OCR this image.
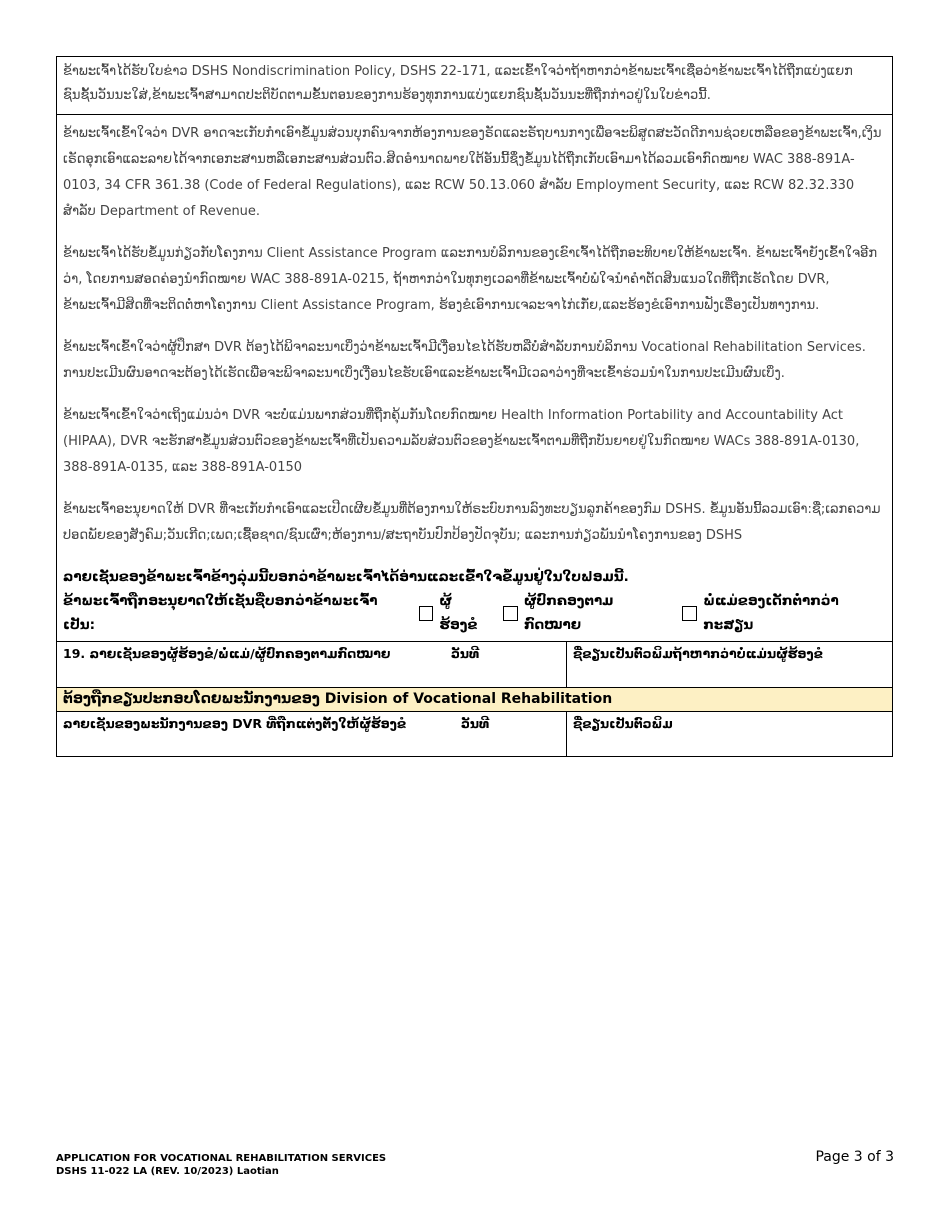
ຂ້າພະເຈົ້າໄດ້ຮັບໃບຂ່າວ DSHS Nondiscrimination Policy, DSHS 22-171, ແລະເຂົ້າໃຈວ່າຖ້າຫາກວ່າຂ້າພະເຈົ້າເຊື່ອວ່າຂ້າພະເຈົ້າໄດ້ຖືກແບ່ງແຍກຊົນຊັ້ນວັນນະໃສ່,ຂ້າພະເຈົ້າສາມາດປະຕິບັດຕາມຂັ້ນຕອນຂອງການຮ້ອງທຸກການແບ່ງແຍກຊົນຊັ້ນວັນນະທີ່ຖືກກ່າວຢູ່ໃນໃບຂ່າວນີ້.

ຂ້າພະເຈົ້າເຂົ້າໃຈວ່າ DVR ອາດຈະເກັບກຳເອົາຂໍ້ມູນສ່ວນບຸກຄົນຈາກຫ້ອງການຂອງຣັດແລະຣັຖບານກາງເພື່ອຈະພິສູດສະວັດດີການຊ່ວຍເຫລືອຂອງຂ້າພະເຈົ້າ,ເງິນເຣັດອຸກເອົາແລະລາຍໄດ້ຈາກເອກະສານຫລືເອກະສານສ່ວນຕົວ.ສິດອຳນາດພາຍໃຕ້ອັນນີ້ຊຶ່ງຂໍ້ມູນໄດ້ຖືກເກັບເອົາມາໄດ້ລວມເອົາກົດໝາຍ WAC 388-891A-0103, 34 CFR 361.38 (Code of Federal Regulations), ແລະ RCW 50.13.060 ສຳລັບ Employment Security, ແລະ RCW 82.32.330 ສຳລັບ Department of Revenue.

ຂ້າພະເຈົ້າໄດ້ຮັບຂໍ້ມູນກ່ຽວກັບໂຄງການ Client Assistance Program ແລະການບໍລິການຂອງເຂົາເຈົ້າໄດ້ຖືກອະທິບາຍໃຫ້ຂ້າພະເຈົ້າ. ຂ້າພະເຈົ້າຍັງເຂົ້າໃຈອີກວ່າ, ໂດຍການສອດຄ່ອງນຳກົດໝາຍ WAC 388-891A-0215, ຖ້າຫາກວ່າໃນທຸກໆເວລາທີ່ຂ້າພະເຈົ້າບໍ່ພໍໃຈນຳຄຳຕັດສິນແນວໃດທີ່ຖືກເຮັດໂດຍ DVR, ຂ້າພະເຈົ້າມີສິດທີ່ຈະຕິດຕໍ່ຫາໂຄງການ Client Assistance Program, ຮ້ອງຂໍເອົາການເຈລະຈາໄກ່ເກັ່ຍ,ແລະຮ້ອງຂໍເອົາການຟັງເຣື່ອງເປັນທາງການ.

ຂ້າພະເຈົ້າເຂົ້າໃຈວ່າຜູ້ປຶກສາ DVR ຕ້ອງໄດ້ພິຈາລະນາເບິ່ງວ່າຂ້າພະເຈົ້າມີເງື່ອນໄຂໄດ້ຮັບຫລືບໍ່ສຳລັບການບໍລິການ Vocational Rehabilitation Services. ການປະເມີນຜົນອາດຈະຕ້ອງໄດ້ເຮັດເພື່ອຈະພິຈາລະນາເບິ່ງເງື່ອນໄຂຮັບເອົາແລະຂ້າພະເຈົ້າມີເວລາວ່າງທີ່ຈະເຂົ້າຮ່ວມນຳໃນການປະເມີນຜົນເບິ່ງ.

ຂ້າພະເຈົ້າເຂົ້າໃຈວ່າເຖິງແມ່ນວ່າ DVR ຈະບໍ່ແມ່ນພາກສ່ວນທີ່ຖືກຄຸ້ມກັນໂດຍກົດໝາຍ Health Information Portability and Accountability Act (HIPAA), DVR ຈະຮັກສາຂໍ້ມູນສ່ວນຕົວຂອງຂ້າພະເຈົ້າທີ່ເປັນຄວາມລັບສ່ວນຕົວຂອງຂ້າພະເຈົ້າຕາມທີ່ຖືກບັນຍາຍຢູ່ໃນກົດໝາຍ WACs 388-891A-0130, 388-891A-0135, ແລະ 388-891A-0150

ຂ້າພະເຈົ້າອະນຸຍາດໃຫ້ DVR ທີ່ຈະເກັບກຳເອົາແລະເປີດເຜີຍຂໍ້ມູນທີ່ຕ້ອງການໃຫ້ຣະບົບການລົງທະບຽນລູກຄ້າຂອງກົມ DSHS. ຂໍ້ມູນອັນນີ້ລວມເອົາ:ຊື່;ເລກຄວາມປອດພັຍຂອງສັງຄົມ;ວັນເກີດ;ເພດ;ເຊື້ອຊາດ/ຊົນເຜົ່າ;ຫ້ອງການ/ສະຖາບັນປົກປ້ອງປັດຈຸບັນ; ແລະການກ່ຽວພັນນຳໂຄງການຂອງ DSHS

ລາຍເຊັນຂອງຂ້າພະເຈົ້າຂ້າງລຸ່ມນີ້ບອກວ່າຂ້າພະເຈົ້າໄດ້ອ່ານແລະເຂົ້າໃຈຂໍ້ມູນຢູ່ໃນໃບຟອມນີ້.
ຂ້າພະເຈົ້າຖືກອະນຸຍາດໃຫ້ເຊັນຊື່ບອກວ່າຂ້າພະເຈົ້າເປັນ:
ຜູ້ຮ້ອງຂໍ
ຜູ້ປົກຄອງຕາມກົດໝາຍ
ພໍ່ແມ່ຂອງເດັກຕ່ຳກວ່າກະສຽນ
19. ລາຍເຊັນຂອງຜູ້ຮ້ອງຂໍ/ພໍ່ແມ່/ຜູ້ປົກຄອງຕາມກົດໝາຍ	ວັນທີ	ຊື່ຂຽນເປັນຕົວພິມຖ້າຫາກວ່າບໍ່ແມ່ນຜູ້ຮ້ອງຂໍ
ຕ້ອງຖືກຂຽນປະກອບໂດຍພະນັກງານຂອງ Division of Vocational Rehabilitation
ລາຍເຊັນຂອງພະນັກງານຂອງ DVR ທີ່ຖືກແຕ່ງຕັ້ງໃຫ້ຜູ້ຮ້ອງຂໍ	ວັນທີ	ຊື່ຂຽນເປັນຕົວພິມ
APPLICATION FOR VOCATIONAL REHABILITATION SERVICES
DSHS 11-022 LA (REV. 10/2023) Laotian
Page 3 of 3
